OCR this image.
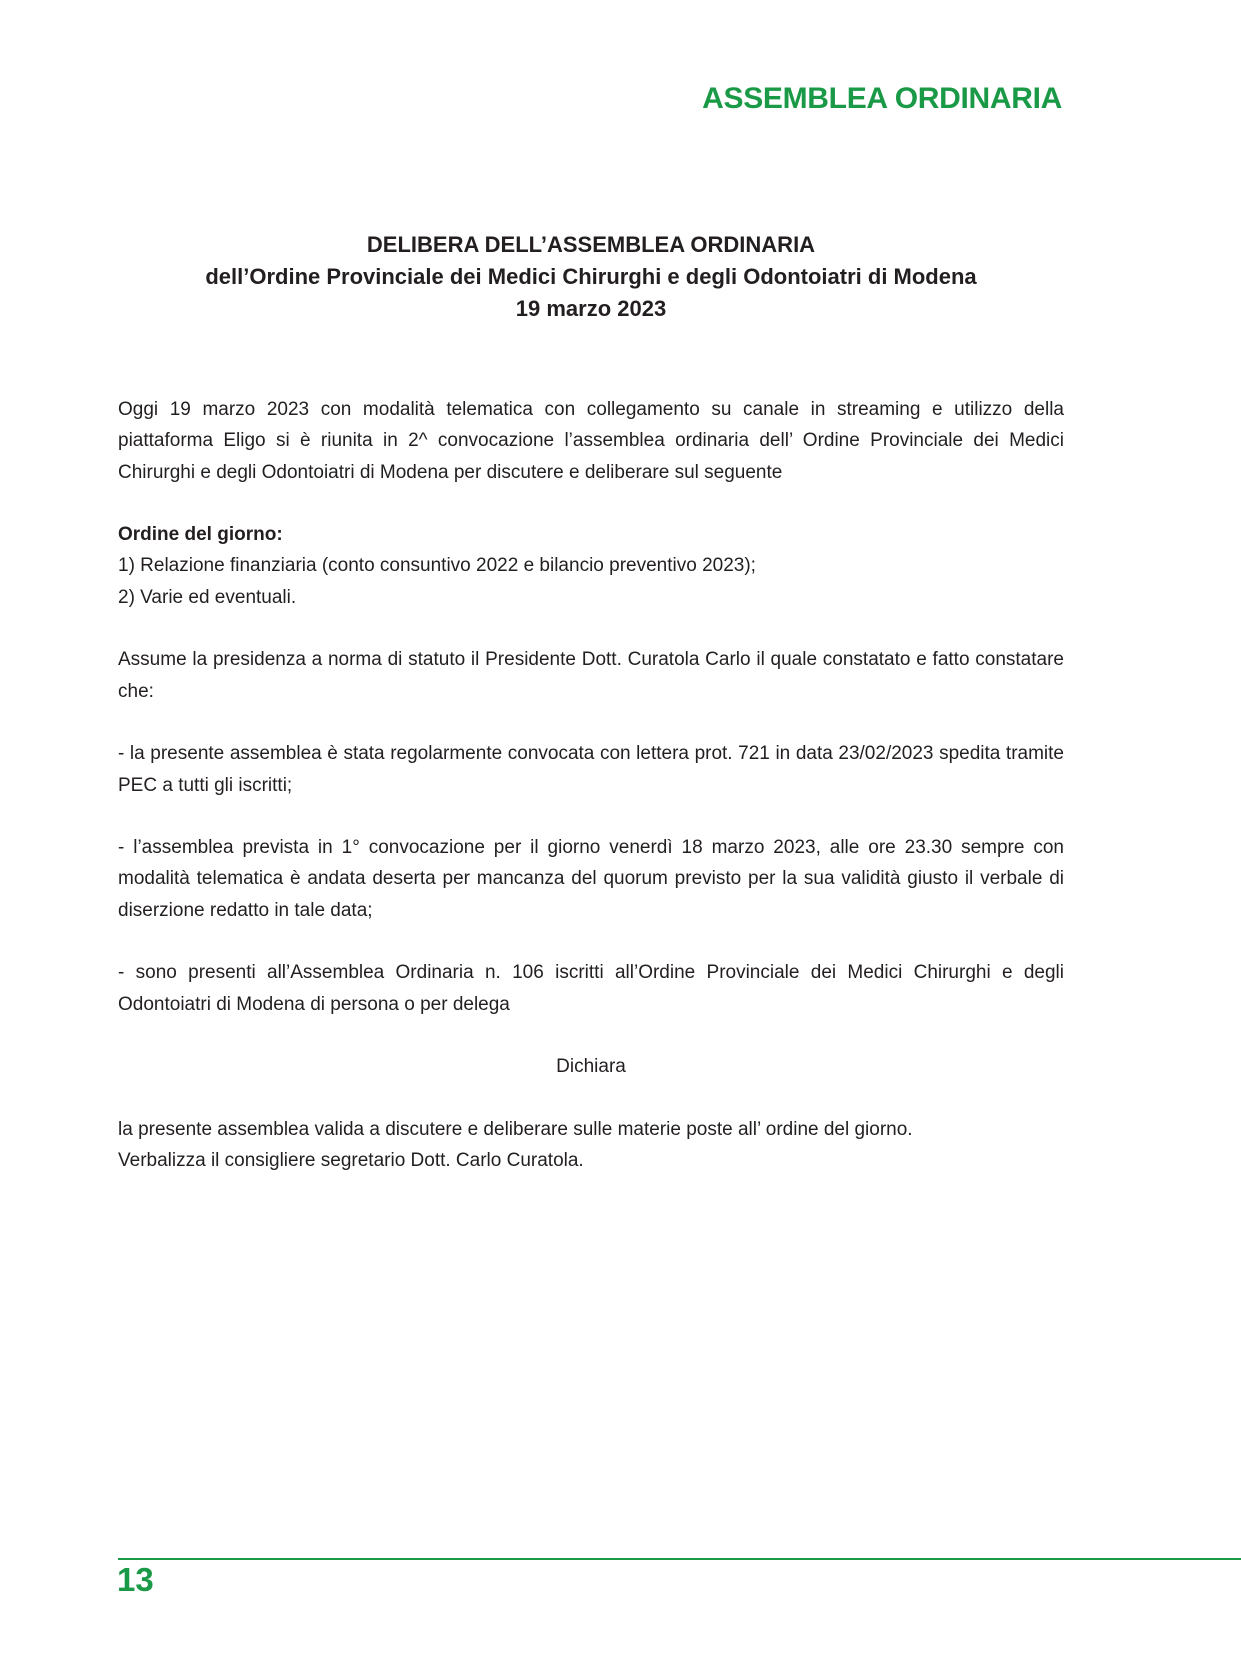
ASSEMBLEA ORDINARIA
DELIBERA DELL’ASSEMBLEA ORDINARIA
dell’Ordine Provinciale dei Medici Chirurghi e degli Odontoiatri di Modena
19 marzo 2023

Oggi 19 marzo 2023 con modalità telematica con collegamento su canale in streaming e utilizzo della piattaforma Eligo si è riunita in 2^ convocazione l’assemblea ordinaria dell’ Ordine Provinciale dei Medici Chirurghi e degli Odontoiatri di Modena per discutere e deliberare sul seguente

Ordine del giorno:

1) Relazione finanziaria (conto consuntivo 2022 e bilancio preventivo 2023);

2) Varie ed eventuali.

Assume la presidenza a norma di statuto il Presidente Dott. Curatola Carlo il quale constatato e fatto constatare che:

- la presente assemblea è stata regolarmente convocata con lettera prot. 721 in data 23/02/2023 spedita tramite PEC a tutti gli iscritti;

- l’assemblea prevista in 1° convocazione per il giorno venerdì 18 marzo 2023, alle ore 23.30 sempre con modalità telematica è andata deserta per mancanza del quorum previsto per la sua validità giusto il verbale di diserzione redatto in tale data;

- sono presenti all’Assemblea Ordinaria n. 106 iscritti all’Ordine Provinciale dei Medici Chirurghi e degli Odontoiatri di Modena di persona o per delega

Dichiara

la presente assemblea valida a discutere e deliberare sulle materie poste all’ ordine del giorno.

Verbalizza il consigliere segretario Dott. Carlo Curatola.

13
